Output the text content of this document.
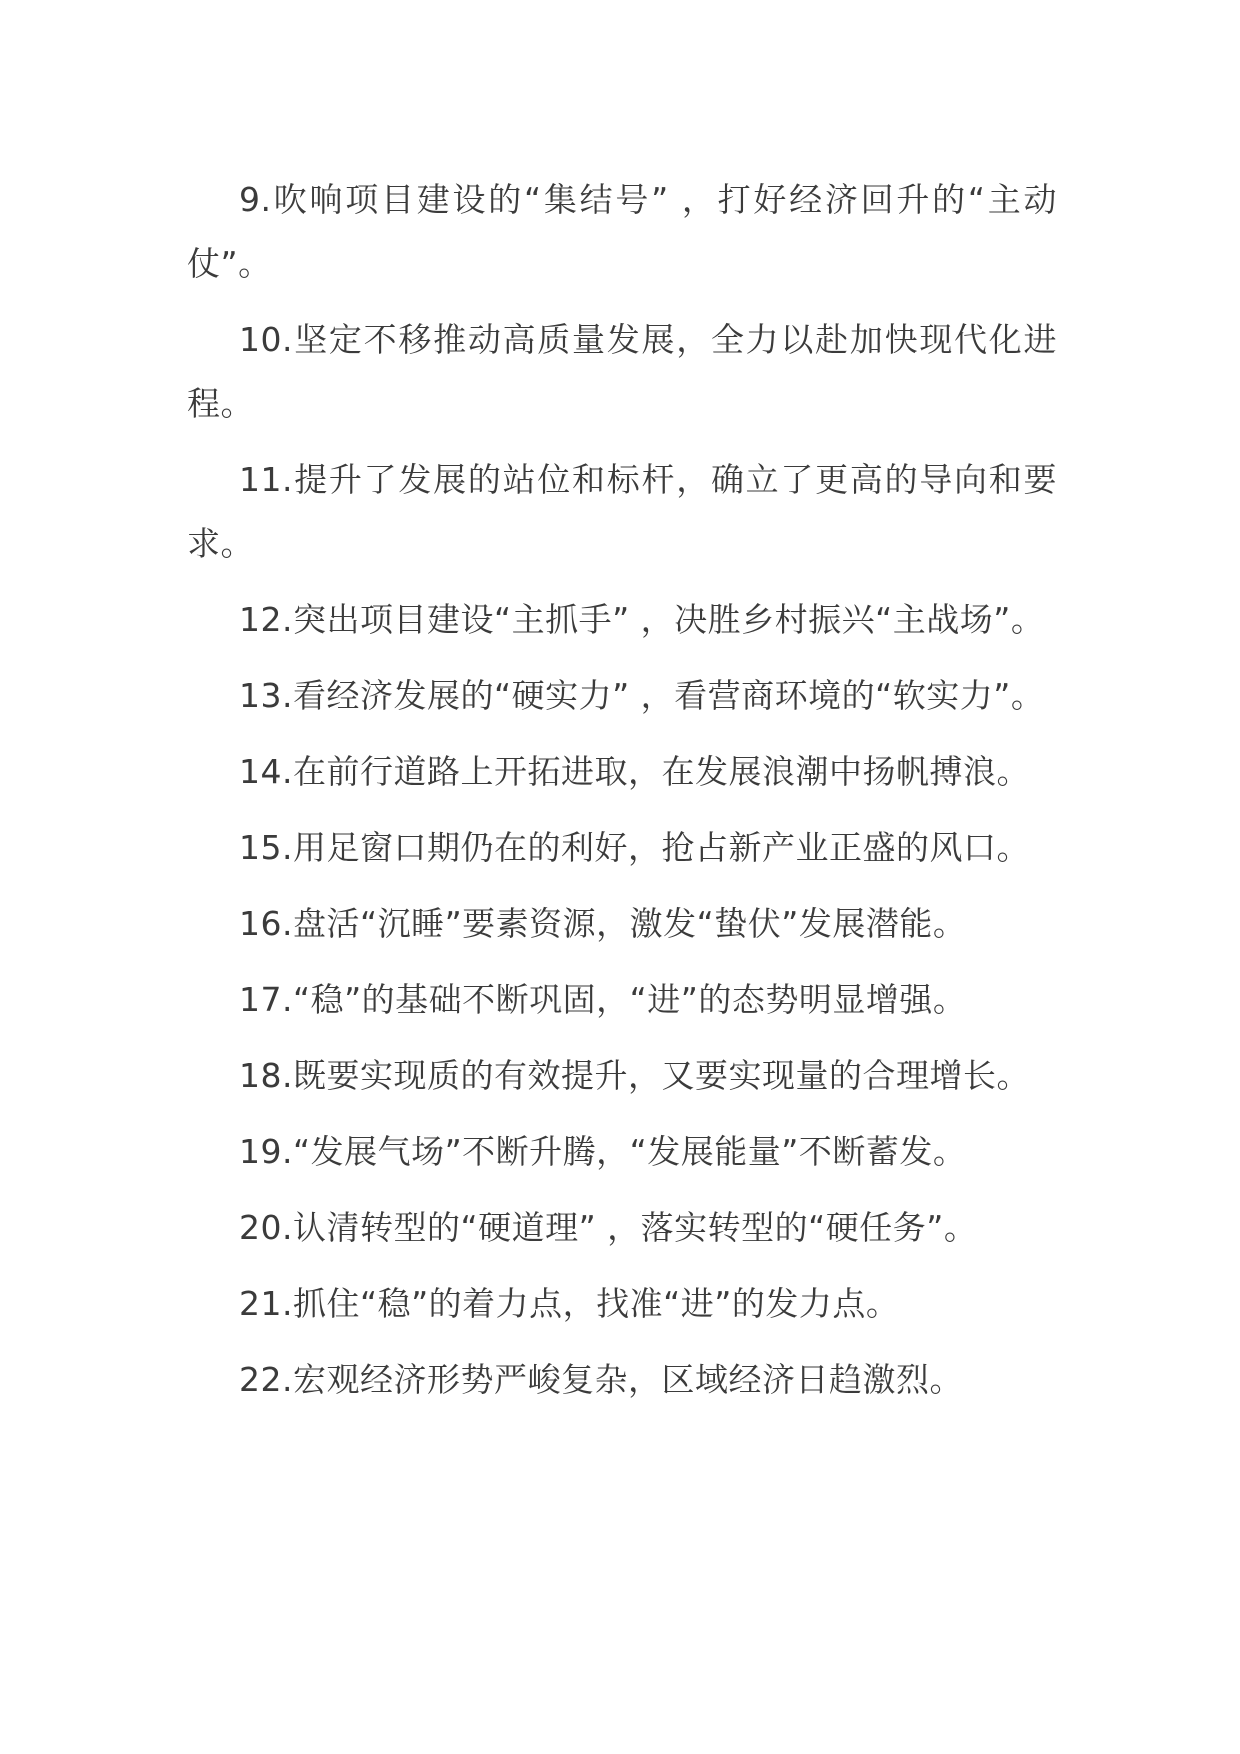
9.吹响项目建设的“集结号” ，打好经济回升的“主动仗”。

10.坚定不移推动高质量发展，全力以赴加快现代化进程。

11.提升了发展的站位和标杆，确立了更高的导向和要求。

12.突出项目建设“主抓手” ，决胜乡村振兴“主战场”。

13.看经济发展的“硬实力” ，看营商环境的“软实力”。

14.在前行道路上开拓进取，在发展浪潮中扬帆搏浪。

15.用足窗口期仍在的利好，抢占新产业正盛的风口。

16.盘活“沉睡”要素资源，激发“蛰伏”发展潜能。

17.“稳”的基础不断巩固，“进”的态势明显增强。

18.既要实现质的有效提升，又要实现量的合理增长。

19.“发展气场”不断升腾，“发展能量”不断蓄发。

20.认清转型的“硬道理” ，落实转型的“硬任务”。

21.抓住“稳”的着力点，找准“进”的发力点。

22.宏观经济形势严峻复杂，区域经济日趋激烈。
